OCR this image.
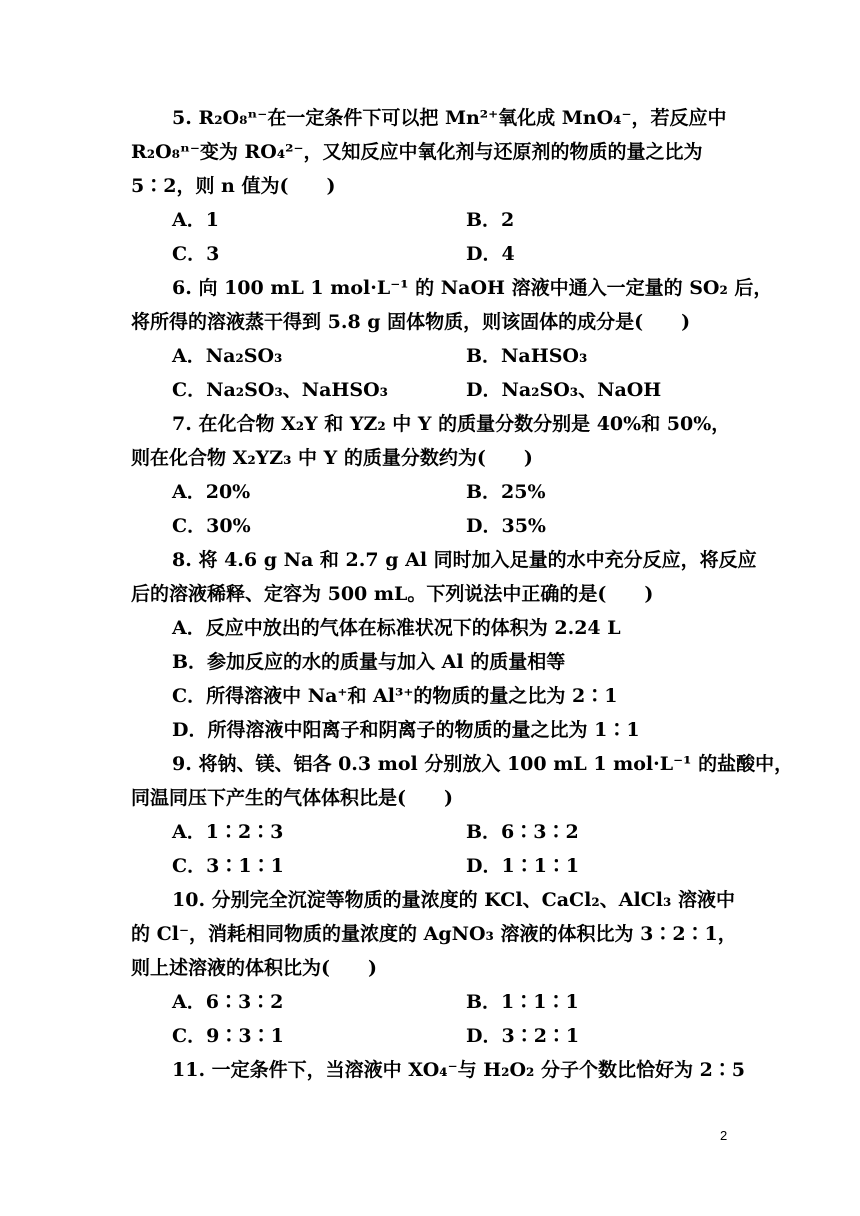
5. R₂O₈ⁿ⁻在一定条件下可以把 Mn²⁺氧化成 MnO₄⁻，若反应中
R₂O₈ⁿ⁻变为 RO₄²⁻，又知反应中氧化剂与还原剂的物质的量之比为
5∶2，则 n 值为(　　)
A．1	B．2
C．3	D．4
6. 向 100 mL 1 mol·L⁻¹ 的 NaOH 溶液中通入一定量的 SO₂ 后，
将所得的溶液蒸干得到 5.8 g 固体物质，则该固体的成分是(　　)
A．Na₂SO₃	B．NaHSO₃
C．Na₂SO₃、NaHSO₃	D．Na₂SO₃、NaOH
7. 在化合物 X₂Y 和 YZ₂ 中 Y 的质量分数分别是 40%和 50%，
则在化合物 X₂YZ₃ 中 Y 的质量分数约为(　　)
A．20%	B．25%
C．30%	D．35%
8. 将 4.6 g Na 和 2.7 g Al 同时加入足量的水中充分反应，将反应
后的溶液稀释、定容为 500 mL。下列说法中正确的是(　　)
A．反应中放出的气体在标准状况下的体积为 2.24 L
B．参加反应的水的质量与加入 Al 的质量相等
C．所得溶液中 Na⁺和 Al³⁺的物质的量之比为 2∶1
D．所得溶液中阳离子和阴离子的物质的量之比为 1∶1
9. 将钠、镁、铝各 0.3 mol 分别放入 100 mL 1 mol·L⁻¹ 的盐酸中，
同温同压下产生的气体体积比是(　　)
A．1∶2∶3	B．6∶3∶2
C．3∶1∶1	D．1∶1∶1
10. 分别完全沉淀等物质的量浓度的 KCl、CaCl₂、AlCl₃ 溶液中
的 Cl⁻，消耗相同物质的量浓度的 AgNO₃ 溶液的体积比为 3∶2∶1，
则上述溶液的体积比为(　　)
A．6∶3∶2	B．1∶1∶1
C．9∶3∶1	D．3∶2∶1
11. 一定条件下，当溶液中 XO₄⁻与 H₂O₂ 分子个数比恰好为 2∶5
2
